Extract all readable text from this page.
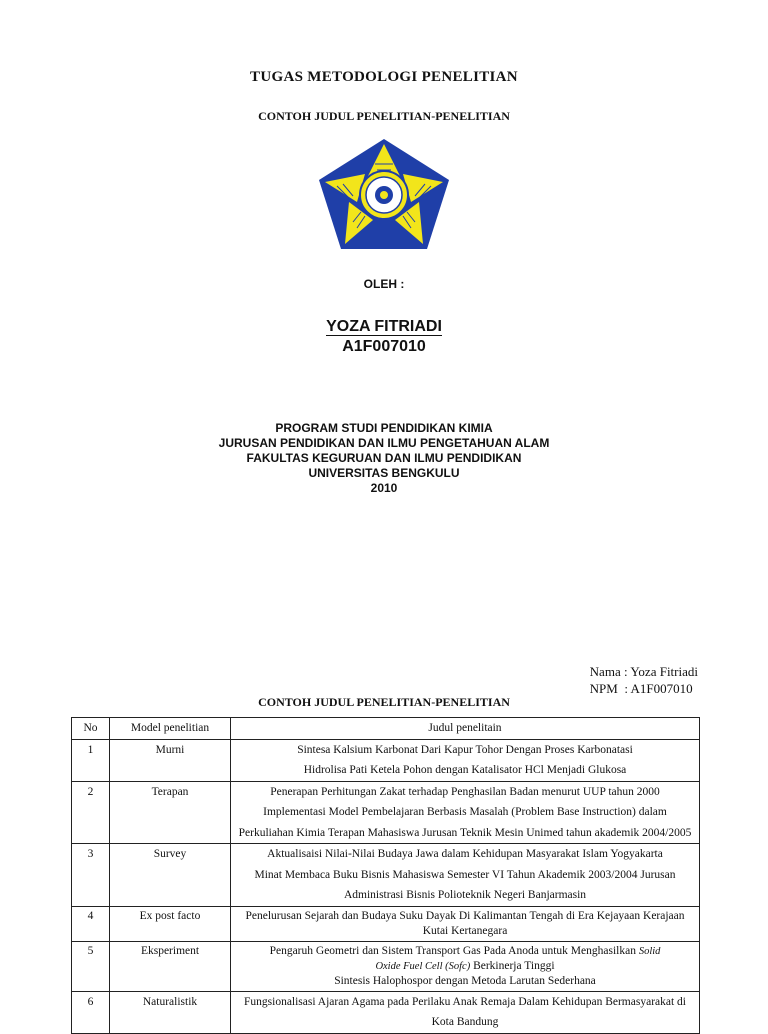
TUGAS METODOLOGI PENELITIAN
CONTOH JUDUL PENELITIAN-PENELITIAN
OLEH :
YOZA FITRIADI
A1F007010
PROGRAM STUDI PENDIDIKAN KIMIA
JURUSAN PENDIDIKAN DAN ILMU PENGETAHUAN ALAM
FAKULTAS KEGURUAN DAN ILMU PENDIDIKAN
UNIVERSITAS BENGKULU
2010
Nama : Yoza Fitriadi
NPM  : A1F007010
CONTOH JUDUL PENELITIAN-PENELITIAN
No	Model penelitian	Judul penelitain
1	Murni	Sintesa Kalsium Karbonat Dari Kapur Tohor Dengan Proses Karbonatasi
Hidrolisa Pati Ketela Pohon dengan Katalisator HCl Menjadi Glukosa

2	Terapan	Penerapan Perhitungan Zakat terhadap Penghasilan Badan menurut UUP tahun 2000
Implementasi Model Pembelajaran Berbasis Masalah (Problem Base Instruction) dalam
Perkuliahan Kimia Terapan Mahasiswa Jurusan Teknik Mesin Unimed tahun akademik 2004/2005

3	Survey	Aktualisaisi Nilai-Nilai Budaya Jawa dalam Kehidupan Masyarakat Islam Yogyakarta
Minat Membaca Buku Bisnis Mahasiswa Semester VI Tahun Akademik 2003/2004 Jurusan
Administrasi Bisnis Polioteknik Negeri Banjarmasin

4	Ex post facto	Penelurusan Sejarah dan Budaya Suku Dayak Di Kalimantan Tengah di Era Kejayaan Kerajaan
Kutai Kertanegara

5	Eksperiment	Pengaruh Geometri dan Sistem Transport Gas Pada Anoda untuk Menghasilkan Solid
Oxide Fuel Cell (Sofc) Berkinerja Tinggi
Sintesis Halophospor dengan Metoda Larutan Sederhana

6	Naturalistik	Fungsionalisasi Ajaran Agama pada Perilaku Anak Remaja Dalam Kehidupan Bermasyarakat di
Kota Bandung
